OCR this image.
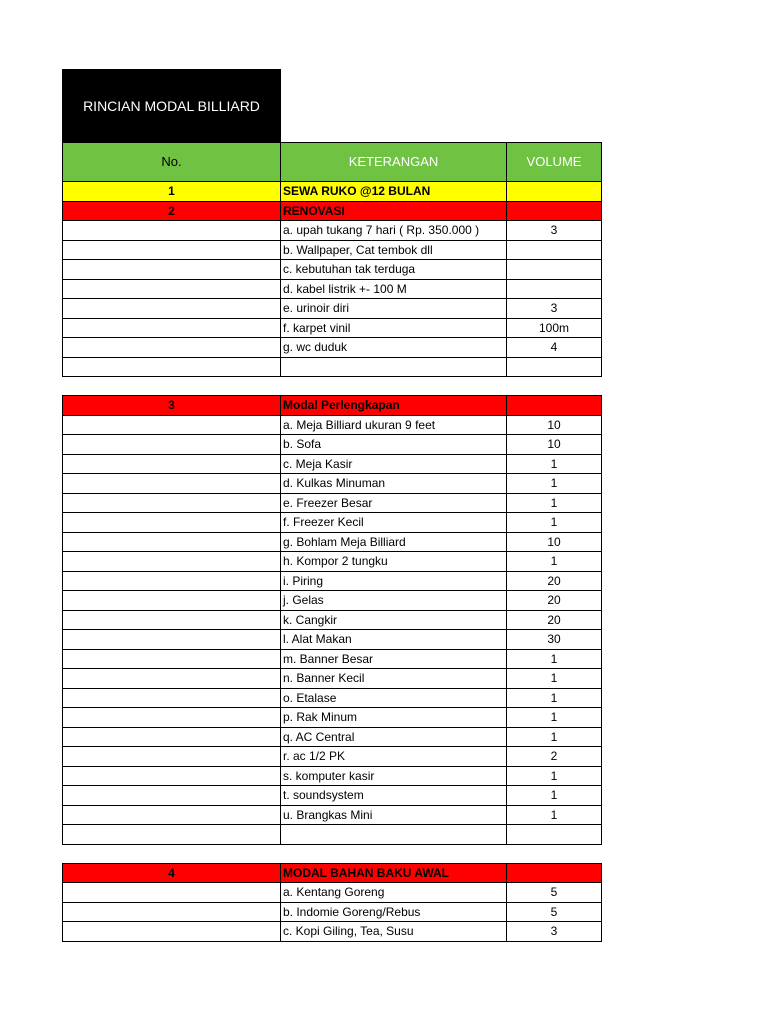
RINCIAN MODAL BILLIARD
No.	KETERANGAN	VOLUME
1	SEWA RUKO @12 BULAN	
2	RENOVASI	
	a. upah tukang 7 hari ( Rp. 350.000 )	3
	b. Wallpaper, Cat tembok dll	
	c. kebutuhan tak terduga	
	d. kabel listrik +- 100 M	
	e. urinoir diri	3
	f. karpet vinil	100m
	g. wc duduk	4

3	Modal Perlengkapan	
	a. Meja Billiard ukuran 9 feet	10
	b. Sofa	10
	c. Meja Kasir	1
	d. Kulkas Minuman	1
	e. Freezer Besar	1
	f. Freezer Kecil	1
	g. Bohlam Meja Billiard	10
	h. Kompor 2 tungku	1
	i. Piring	20
	j. Gelas	20
	k. Cangkir	20
	l. Alat Makan	30
	m. Banner Besar	1
	n. Banner Kecil	1
	o. Etalase	1
	p. Rak Minum	1
	q. AC Central	1
	r. ac 1/2 PK	2
	s. komputer kasir	1
	t. soundsystem	1
	u. Brangkas Mini	1

4	MODAL BAHAN BAKU AWAL	
	a. Kentang Goreng	5
	b. Indomie Goreng/Rebus	5
	c. Kopi Giling, Tea, Susu	3
